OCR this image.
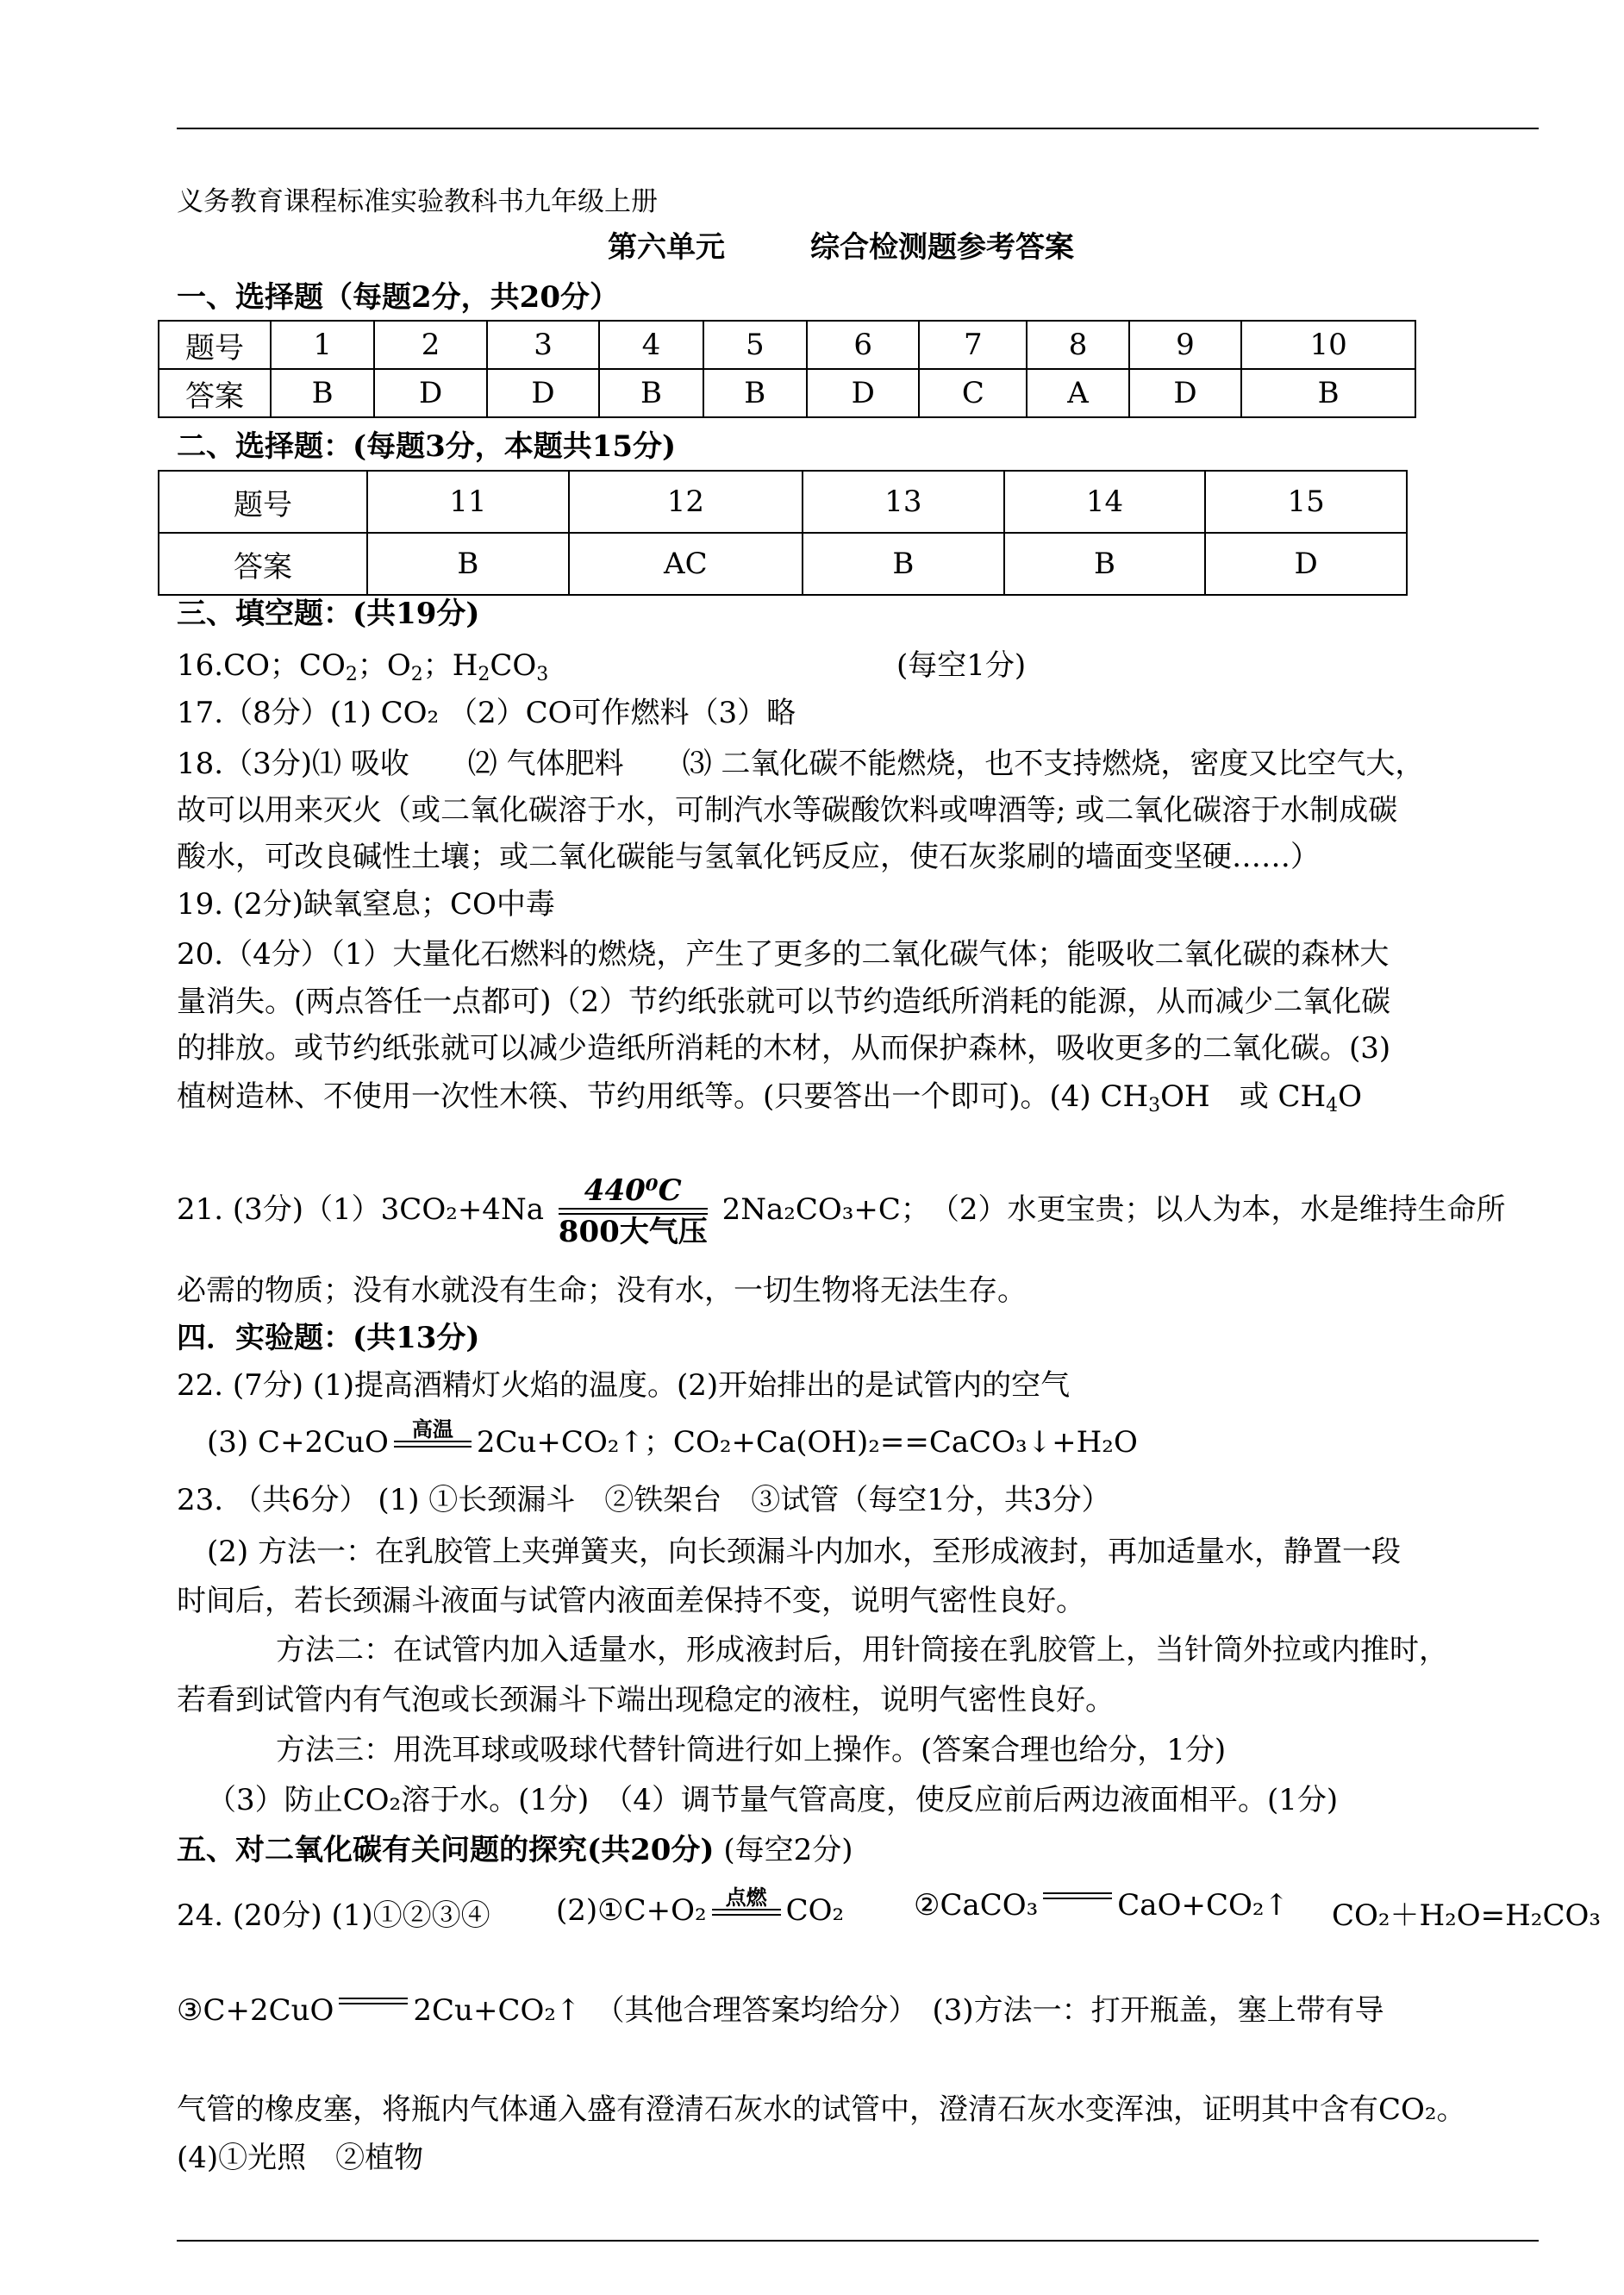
义务教育课程标准实验教科书九年级上册
第六单元	综合检测题参考答案
一、选择题（每题2分，共20分）
题号	1	2	3	4	5	6	7	8	9	10
答案	B	D	D	B	B	D	C	A	D	B
二、选择题：(每题3分，本题共15分)
题号	11	12	13	14	15
答案	B	AC	B	B	D
三、填空题：(共19分)
16.CO；$CO_2$；$O_2$；$H_2CO_3$	(每空1分)
17.（8分）(1) CO₂ （2）CO可作燃料（3）略
18.（3分)⑴ 吸收　　⑵ 气体肥料　　⑶ 二氧化碳不能燃烧，也不支持燃烧，密度又比空气大，
故可以用来灭火（或二氧化碳溶于水，可制汽水等碳酸饮料或啤酒等; 或二氧化碳溶于水制成碳
酸水，可改良碱性土壤；或二氧化碳能与氢氧化钙反应，使石灰浆刷的墙面变坚硬……）
19. (2分)缺氧窒息；CO中毒
20.（4分）（1）大量化石燃料的燃烧，产生了更多的二氧化碳气体；能吸收二氧化碳的森林大
量消失。(两点答任一点都可)（2）节约纸张就可以节约造纸所消耗的能源，从而减少二氧化碳
的排放。或节约纸张就可以减少造纸所消耗的木材，从而保护森林，吸收更多的二氧化碳。(3)
植树造林、不使用一次性木筷、节约用纸等。(只要答出一个即可)。(4) $CH_3OH$　或 $CH_4O$
21. (3分)（1）3CO₂+4Na
440⁰C
800大气压
2Na₂CO₃+C；　（2）水更宝贵；以人为本，水是维持生命所
必需的物质；没有水就没有生命；没有水，一切生物将无法生存。
四．实验题：(共13分)
22. (7分) (1)提高酒精灯火焰的温度。(2)开始排出的是试管内的空气
(3) C+2CuO	高温
2Cu+CO₂↑；CO₂+Ca(OH)₂==CaCO₃↓+H₂O
23. （共6分） (1) ①长颈漏斗　②铁架台　③试管（每空1分，共3分）
(2) 方法一：在乳胶管上夹弹簧夹，向长颈漏斗内加水，至形成液封，再加适量水，静置一段
时间后，若长颈漏斗液面与试管内液面差保持不变，说明气密性良好。
方法二：在试管内加入适量水，形成液封后，用针筒接在乳胶管上，当针筒外拉或内推时，
若看到试管内有气泡或长颈漏斗下端出现稳定的液柱，说明气密性良好。
方法三：用洗耳球或吸球代替针筒进行如上操作。(答案合理也给分，1分)
（3）防止CO₂溶于水。(1分)　（4）调节量气管高度，使反应前后两边液面相平。(1分)
五、对二氧化碳有关问题的探究(共20分) (每空2分)
24. (20分) (1)①②③④ (2)①C+O₂ 点燃
CO₂ ②CaCO₃
	CaO+CO₂↑ CO₂＋H₂O=H₂CO₃
③C+2CuO
	2Cu+CO₂↑　（其他合理答案均给分）　(3)方法一：打开瓶盖，塞上带有导
气管的橡皮塞，将瓶内气体通入盛有澄清石灰水的试管中，澄清石灰水变浑浊，证明其中含有CO₂。
(4)①光照　②植物
